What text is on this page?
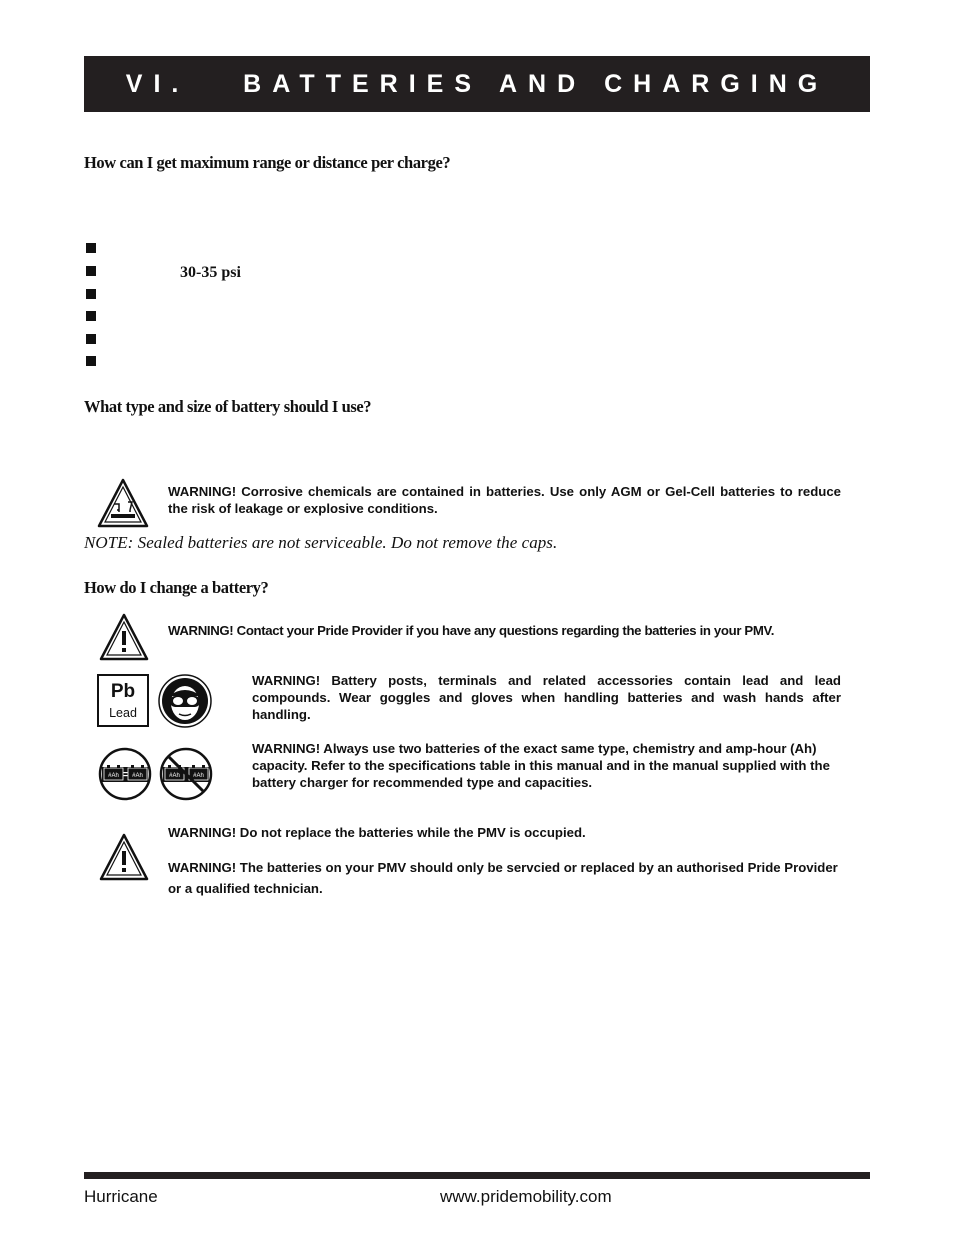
VI.   BATTERIES AND CHARGING
How can I get maximum range or distance per charge?
30-35 psi
What type and size of battery should I use?
WARNING! Corrosive chemicals are contained in batteries. Use only AGM or Gel-Cell batteries to reduce the risk of leakage or explosive conditions.
NOTE: Sealed batteries are not serviceable. Do not remove the caps.
How do I change a battery?
WARNING! Contact your Pride Provider if you have any questions regarding the batteries in your PMV.
Pb
Lead
WARNING! Battery posts, terminals and related accessories contain lead and lead compounds. Wear goggles and gloves when handling batteries and wash hands after handling.
#Ah #Ah	#Ah #Ah
WARNING! Always use two batteries of the exact same type, chemistry and amp-hour (Ah) capacity. Refer to the specifications table in this manual and in the manual supplied with the battery charger for recommended type and capacities.
WARNING! Do not replace the batteries while the PMV is occupied.
WARNING! The batteries on your PMV should only be servcied or replaced by an authorised Pride Provider or a qualified technician.
Hurricane	www.pridemobility.com
